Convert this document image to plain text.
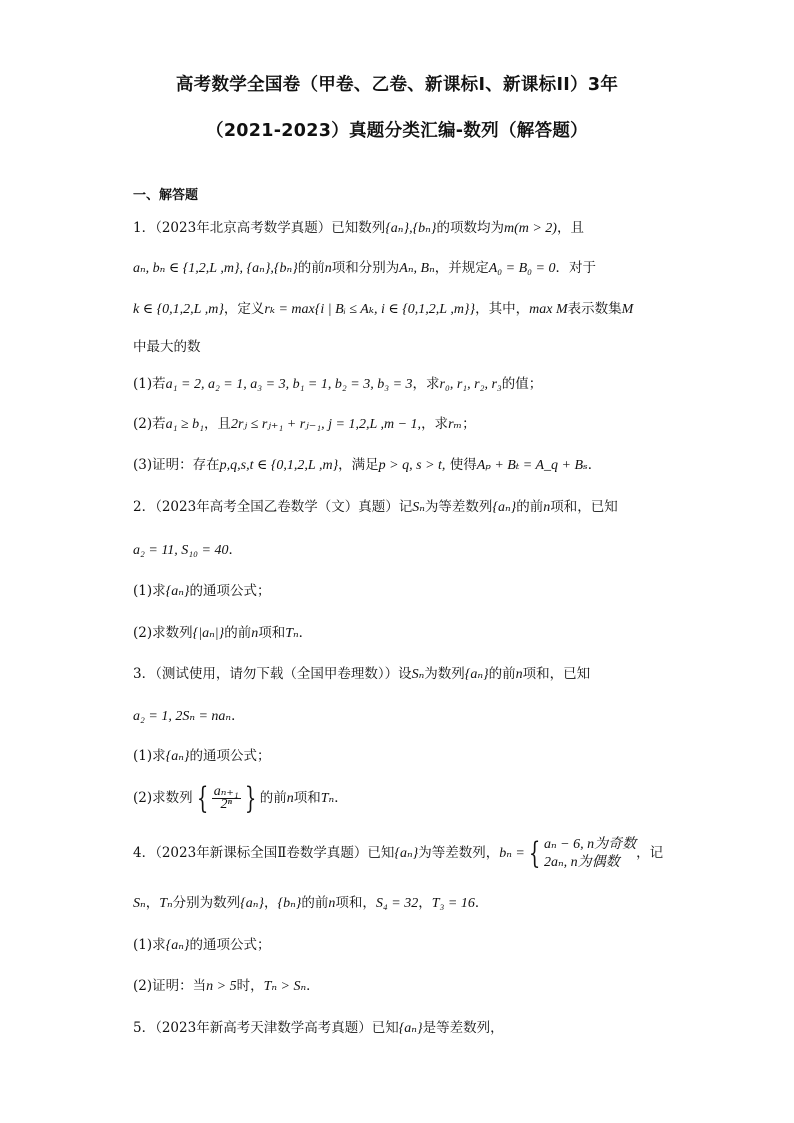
高考数学全国卷（甲卷、乙卷、新课标I、新课标II）3年
（2021-2023）真题分类汇编-数列（解答题）
一、解答题
1．（2023年北京高考数学真题）已知数列{aₙ},{bₙ}的项数均为m(m > 2)，且
aₙ, bₙ ∈ {1,2,L ,m}, {aₙ},{bₙ}的前n项和分别为Aₙ, Bₙ，并规定A₀ = B₀ = 0．对于
k ∈ {0,1,2,L ,m}，定义rₖ = max{i | Bᵢ ≤ Aₖ, i ∈ {0,1,2,L ,m}}，其中，max M表示数集M
中最大的数
(1)若a₁ = 2, a₂ = 1, a₃ = 3, b₁ = 1, b₂ = 3, b₃ = 3，求r₀, r₁, r₂, r₃的值；
(2)若a₁ ≥ b₁，且2rⱼ ≤ rⱼ₊₁ + rⱼ₋₁, j = 1,2,L ,m − 1,，求rₘ；
(3)证明：存在p,q,s,t ∈ {0,1,2,L ,m}，满足p > q, s > t, 使得Aₚ + Bₜ = A_q + Bₛ．
2．（2023年高考全国乙卷数学（文）真题）记Sₙ为等差数列{aₙ}的前n项和，已知
a₂ = 11, S₁₀ = 40．
(1)求{aₙ}的通项公式；
(2)求数列{|aₙ|}的前n项和Tₙ．
3．（测试使用，请勿下载（全国甲卷理数））设Sₙ为数列{aₙ}的前n项和，已知
a₂ = 1, 2Sₙ = naₙ．
(1)求{aₙ}的通项公式；
(2)求数列 { $\frac{\text{aₙ₊₁}}{\text{2ⁿ}}$ } 的前n项和Tₙ．
4．（2023年新课标全国Ⅱ卷数学真题）已知{aₙ}为等差数列，bₙ = { aₙ − 6, n为奇数
2aₙ, n为偶数
，记
Sₙ，Tₙ分别为数列{aₙ}，{bₙ}的前n项和，S₄ = 32，T₃ = 16．
(1)求{aₙ}的通项公式；
(2)证明：当n > 5时，Tₙ > Sₙ．
5．（2023年新高考天津数学高考真题）已知{aₙ}是等差数列，
